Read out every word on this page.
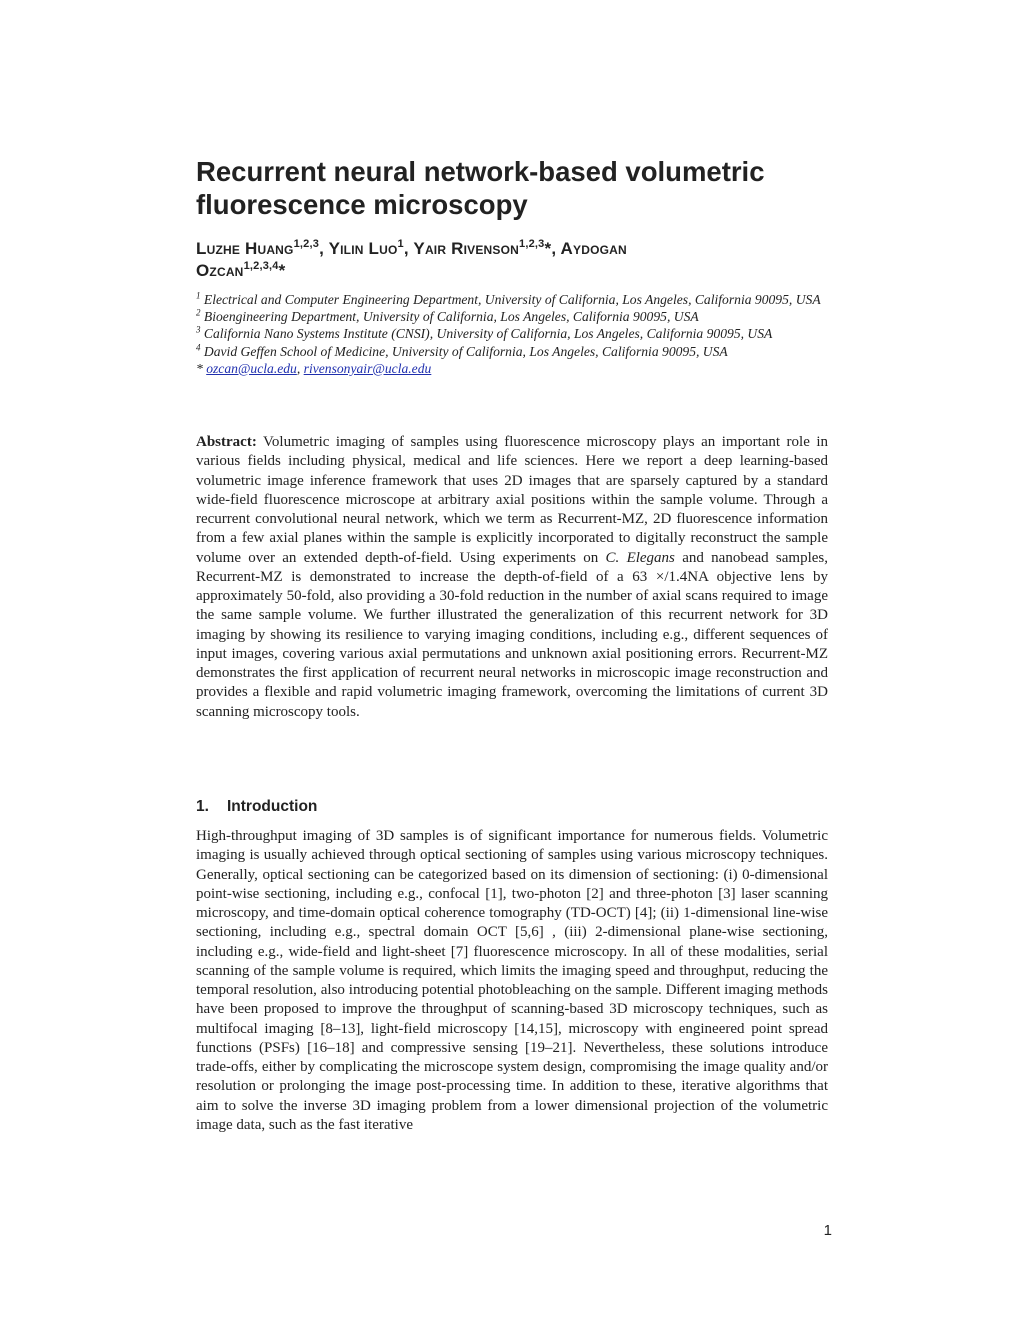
Recurrent neural network-based volumetric
fluorescence microscopy
Luzhe Huang$^{1,2,3}$, Yilin Luo$^1$, Yair Rivenson$^{1,2,3}$*, Aydogan
Ozcan$^{1,2,3,4}$*

$^1$ Electrical and Computer Engineering Department, University of California, Los Angeles, California 90095, USA

$^2$ Bioengineering Department, University of California, Los Angeles, California 90095, USA

$^3$ California Nano Systems Institute (CNSI), University of California, Los Angeles, California 90095, USA

$^4$ David Geffen School of Medicine, University of California, Los Angeles, California 90095, USA

* ozcan@ucla.edu, rivensonyair@ucla.edu

Abstract: Volumetric imaging of samples using fluorescence microscopy plays an important role in various fields including physical, medical and life sciences. Here we report a deep learning-based volumetric image inference framework that uses 2D images that are sparsely captured by a standard wide-field fluorescence microscope at arbitrary axial positions within the sample volume. Through a recurrent convolutional neural network, which we term as Recurrent-MZ, 2D fluorescence information from a few axial planes within the sample is explicitly incorporated to digitally reconstruct the sample volume over an extended depth-of-field. Using experiments on C. Elegans and nanobead samples, Recurrent-MZ is demonstrated to increase the depth-of-field of a 63 ×/1.4NA objective lens by approximately 50-fold, also providing a 30-fold reduction in the number of axial scans required to image the same sample volume. We further illustrated the generalization of this recurrent network for 3D imaging by showing its resilience to varying imaging conditions, including e.g., different sequences of input images, covering various axial permutations and unknown axial positioning errors. Recurrent-MZ demonstrates the first application of recurrent neural networks in microscopic image reconstruction and provides a flexible and rapid volumetric imaging framework, overcoming the limitations of current 3D scanning microscopy tools.

1. Introduction

High-throughput imaging of 3D samples is of significant importance for numerous fields. Volumetric imaging is usually achieved through optical sectioning of samples using various microscopy techniques. Generally, optical sectioning can be categorized based on its dimension of sectioning: (i) 0-dimensional point-wise sectioning, including e.g., confocal [1], two-photon [2] and three-photon [3] laser scanning microscopy, and time-domain optical coherence tomography (TD-OCT) [4]; (ii) 1-dimensional line-wise sectioning, including e.g., spectral domain OCT [5,6] , (iii) 2-dimensional plane-wise sectioning, including e.g., wide-field and light-sheet [7] fluorescence microscopy. In all of these modalities, serial scanning of the sample volume is required, which limits the imaging speed and throughput, reducing the temporal resolution, also introducing potential photobleaching on the sample. Different imaging methods have been proposed to improve the throughput of scanning-based 3D microscopy techniques, such as multifocal imaging [8–13], light-field microscopy [14,15], microscopy with engineered point spread functions (PSFs) [16–18] and compressive sensing [19–21]. Nevertheless, these solutions introduce trade-offs, either by complicating the microscope system design, compromising the image quality and/or resolution or prolonging the image post-processing time. In addition to these, iterative algorithms that aim to solve the inverse 3D imaging problem from a lower dimensional projection of the volumetric image data, such as the fast iterative

1
